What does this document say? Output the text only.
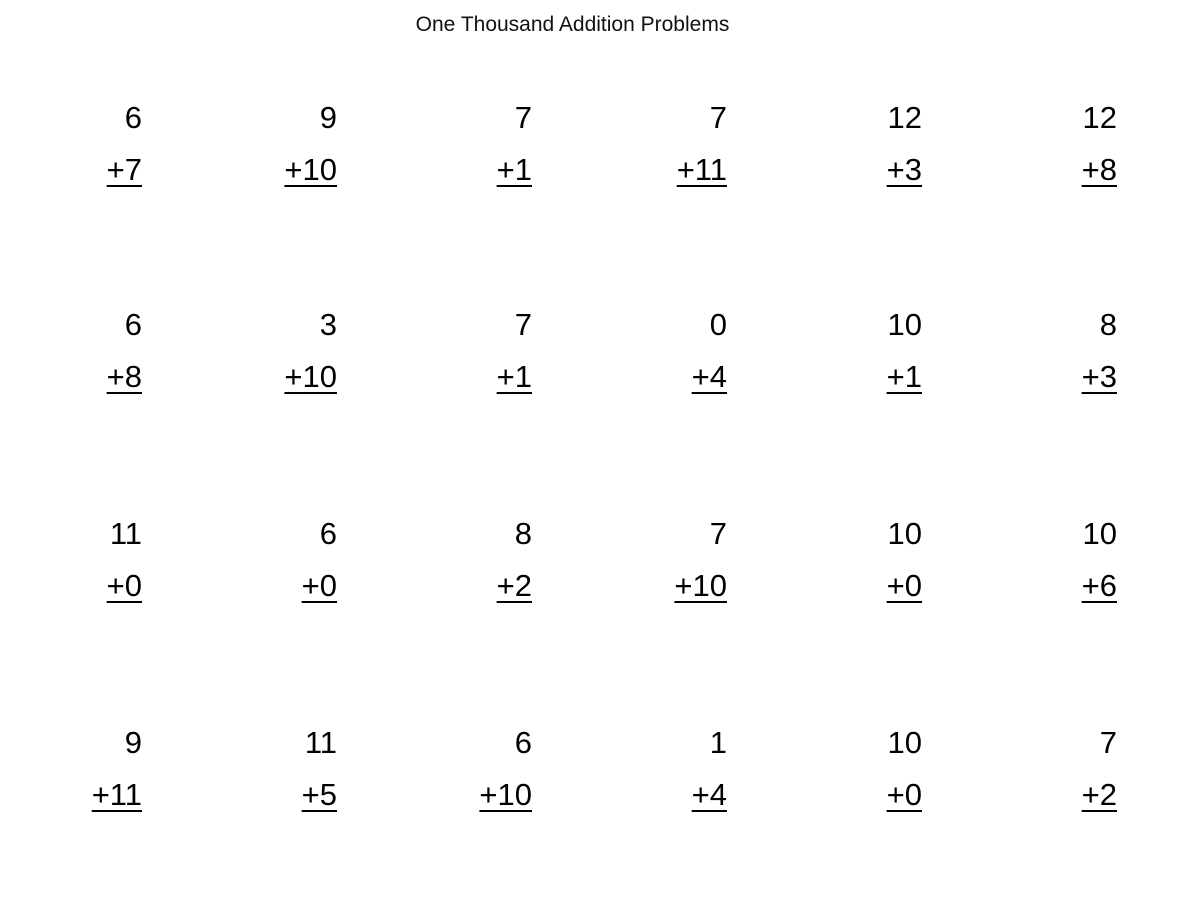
One Thousand Addition Problems
6
+7
9
+10
7
+1
7
+11
12
+3
12
+8
6
+8
3
+10
7
+1
0
+4
10
+1
8
+3
11
+0
6
+0
8
+2
7
+10
10
+0
10
+6
9
+11
11
+5
6
+10
1
+4
10
+0
7
+2
